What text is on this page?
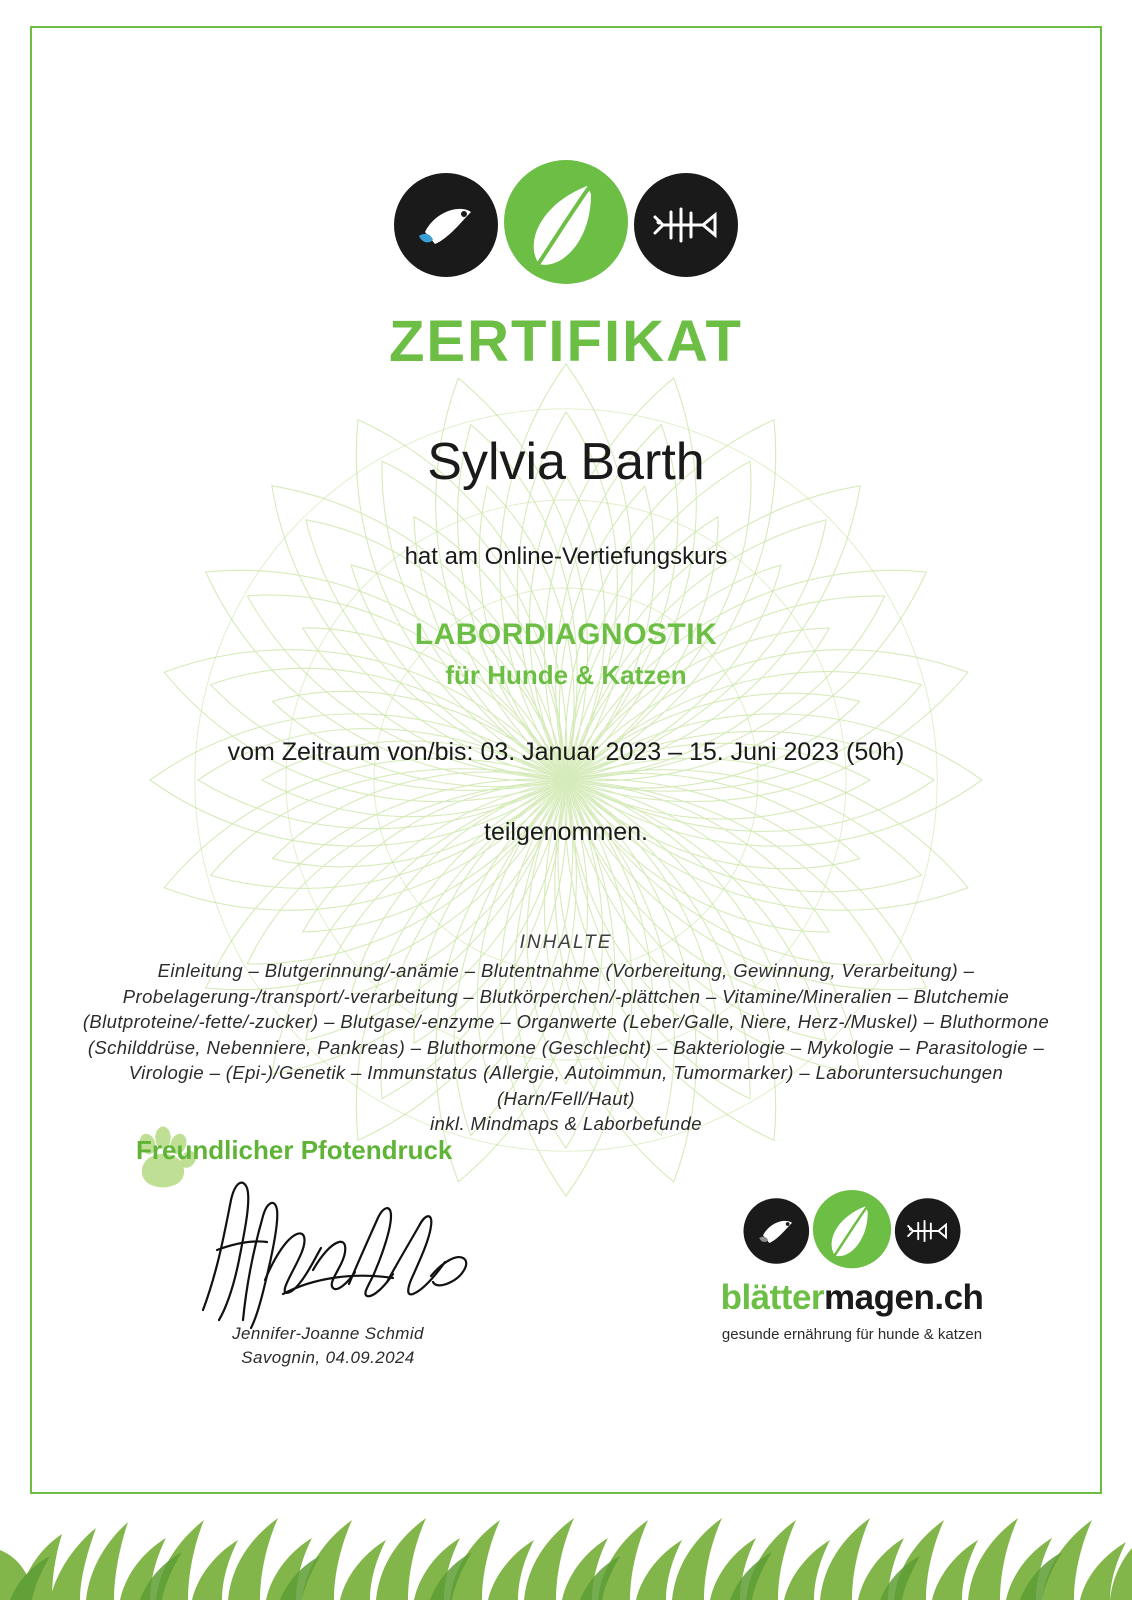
ZERTIFIKAT
Sylvia Barth
hat am Online-Vertiefungskurs
LABORDIAGNOSTIK
für Hunde & Katzen
vom Zeitraum von/bis: 03. Januar 2023 – 15. Juni 2023 (50h)
teilgenommen.
INHALTE
Einleitung – Blutgerinnung/-anämie – Blutentnahme (Vorbereitung, Gewinnung, Verarbeitung) – Probelagerung-/transport/-verarbeitung – Blutkörperchen/-plättchen – Vitamine/Mineralien – Blutchemie (Blutproteine/-fette/-zucker) – Blutgase/-enzyme – Organwerte (Leber/Galle, Niere, Herz-/Muskel) – Bluthormone (Schilddrüse, Nebenniere, Pankreas) – Bluthormone (Geschlecht) – Bakteriologie – Mykologie – Parasitologie – Virologie – (Epi-)/Genetik – Immunstatus (Allergie, Autoimmun, Tumormarker) – Laboruntersuchungen (Harn/Fell/Haut)
inkl. Mindmaps & Laborbefunde
Freundlicher Pfotendruck
Jennifer-Joanne Schmid
Savognin, 04.09.2024
blättermagen.ch
gesunde ernährung für hunde & katzen
